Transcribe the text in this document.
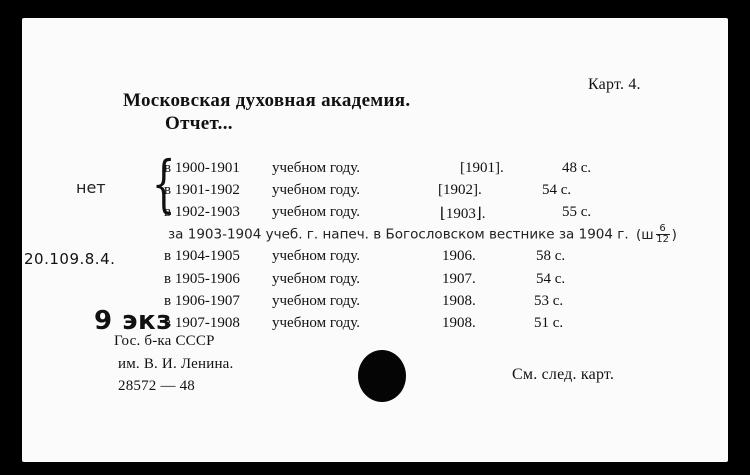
Карт. 4.
Московская духовная академия.
Отчет...
нет {
в 1900-1901 учебном году.	[1901].	48 с.
в 1901-1902 учебном году.	[1902].	54 с.
в 1902-1903 учебном году.	⌊1903⌋.	55 с.
за 1903-1904 учеб. г. напеч. в Богословском вестнике за 1904 г. ($ш \frac{6}{12}$ )
20.109.8.4.	в 1904-1905 учебном году.	1906.	58 с.
в 1905-1906 учебном году.	1907.	54 с.
в 1906-1907 учебном году.	1908.	53 с.
9 экз
в 1907-1908 учебном году.	1908.	51 с.
Гос. б-ка СССР
им. В. И. Ленина.
28572 — 48
См. след. карт.
